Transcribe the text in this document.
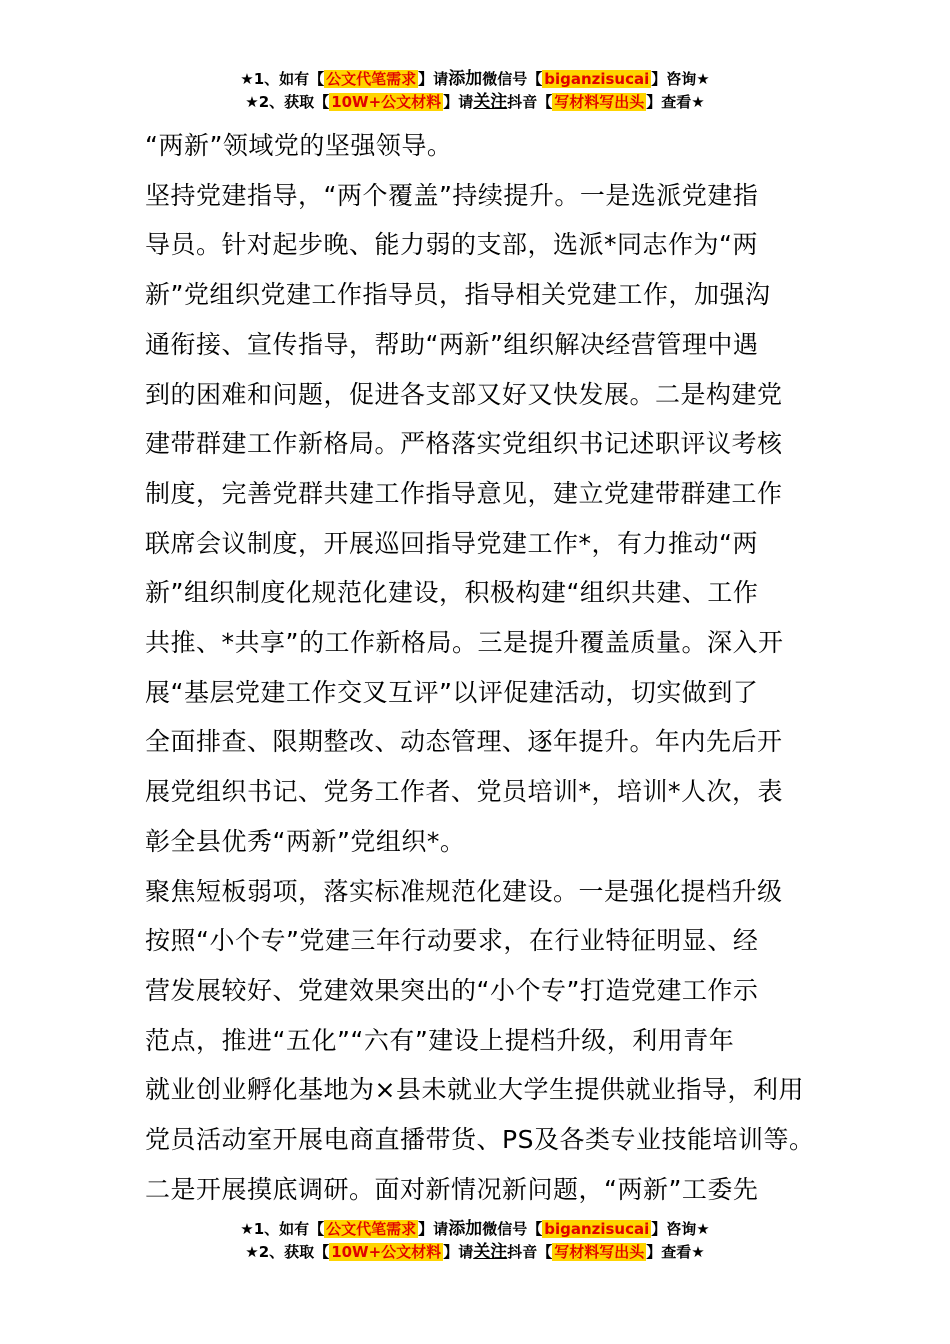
★1、如有【 公文代笔需求 】请添加微信号【 biganzisucai 】咨询★
★2、获取【 10W+公文材料 】请关注抖音【 写材料写出头 】查看★

“两新”领域党的坚强领导。

坚持党建指导，“两个覆盖”持续提升。一是选派党建指

导员。针对起步晚、能力弱的支部，选派*同志作为“两

新”党组织党建工作指导员，指导相关党建工作，加强沟

通衔接、宣传指导，帮助“两新”组织解决经营管理中遇

到的困难和问题，促进各支部又好又快发展。二是构建党

建带群建工作新格局。严格落实党组织书记述职评议考核

制度，完善党群共建工作指导意见，建立党建带群建工作

联席会议制度，开展巡回指导党建工作*，有力推动“两

新”组织制度化规范化建设，积极构建“组织共建、工作

共推、*共享”的工作新格局。三是提升覆盖质量。深入开

展“基层党建工作交叉互评”以评促建活动，切实做到了

全面排查、限期整改、动态管理、逐年提升。年内先后开

展党组织书记、党务工作者、党员培训*，培训*人次，表

彰全县优秀“两新”党组织*。

聚焦短板弱项，落实标准规范化建设。一是强化提档升级

按照“小个专”党建三年行动要求，在行业特征明显、经

营发展较好、党建效果突出的“小个专”打造党建工作示

范点，推进“五化”“六有”建设上提档升级，利用青年

就业创业孵化基地为×县未就业大学生提供就业指导，利用

党员活动室开展电商直播带货、PS及各类专业技能培训等。

二是开展摸底调研。面对新情况新问题，“两新”工委先

★1、如有【 公文代笔需求 】请添加微信号【 biganzisucai 】咨询★
★2、获取【 10W+公文材料 】请关注抖音【 写材料写出头 】查看★
